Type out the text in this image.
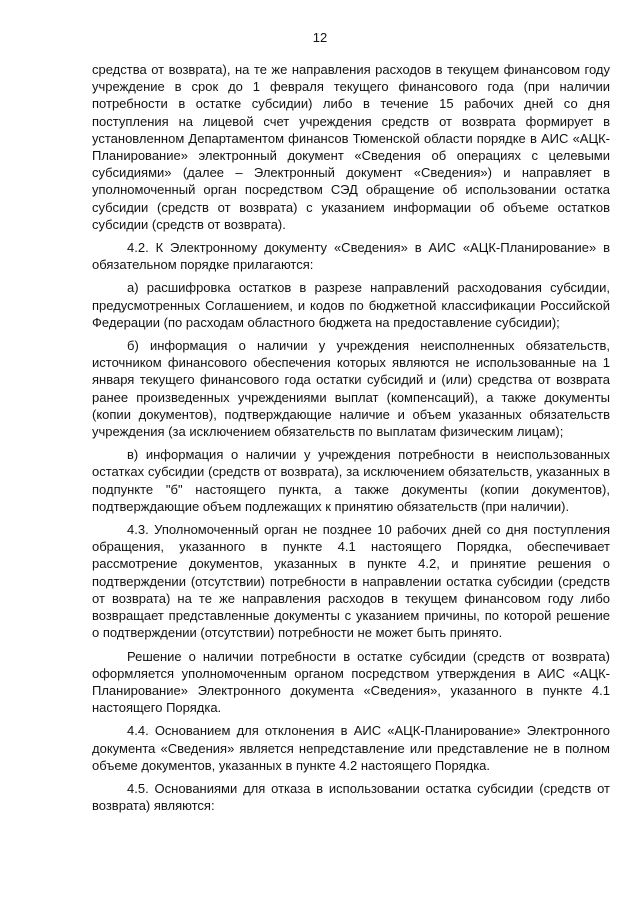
12

средства от возврата), на те же направления расходов в текущем финансовом году учреждение в срок до 1 февраля текущего финансового года (при наличии потребности в остатке субсидии) либо в течение 15 рабочих дней со дня поступления на лицевой счет учреждения средств от возврата формирует в установленном Департаментом финансов Тюменской области порядке в АИС «АЦК-Планирование» электронный документ «Сведения об операциях с целевыми субсидиями» (далее – Электронный документ «Сведения») и направляет в уполномоченный орган посредством СЭД обращение об использовании остатка субсидии (средств от возврата) с указанием информации об объеме остатков субсидии (средств от возврата).

4.2. К Электронному документу «Сведения» в АИС «АЦК-Планирование» в обязательном порядке прилагаются:

а) расшифровка остатков в разрезе направлений расходования субсидии, предусмотренных Соглашением, и кодов по бюджетной классификации Российской Федерации (по расходам областного бюджета на предоставление субсидии);

б) информация о наличии у учреждения неисполненных обязательств, источником финансового обеспечения которых являются не использованные на 1 января текущего финансового года остатки субсидий и (или) средства от возврата ранее произведенных учреждениями выплат (компенсаций), а также документы (копии документов), подтверждающие наличие и объем указанных обязательств учреждения (за исключением обязательств по выплатам физическим лицам);

в) информация о наличии у учреждения потребности в неиспользованных остатках субсидии (средств от возврата), за исключением обязательств, указанных в подпункте "б" настоящего пункта, а также документы (копии документов), подтверждающие объем подлежащих к принятию обязательств (при наличии).

4.3. Уполномоченный орган не позднее 10 рабочих дней со дня поступления обращения, указанного в пункте 4.1 настоящего Порядка, обеспечивает рассмотрение документов, указанных в пункте 4.2, и принятие решения о подтверждении (отсутствии) потребности в направлении остатка субсидии (средств от возврата) на те же направления расходов в текущем финансовом году либо возвращает представленные документы с указанием причины, по которой решение о подтверждении (отсутствии) потребности не может быть принято.

Решение о наличии потребности в остатке субсидии (средств от возврата) оформляется уполномоченным органом посредством утверждения в АИС «АЦК-Планирование» Электронного документа «Сведения», указанного в пункте 4.1 настоящего Порядка.

4.4. Основанием для отклонения в АИС «АЦК-Планирование» Электронного документа «Сведения» является непредставление или представление не в полном объеме документов, указанных в пункте 4.2 настоящего Порядка.

4.5. Основаниями для отказа в использовании остатка субсидии (средств от возврата) являются:
